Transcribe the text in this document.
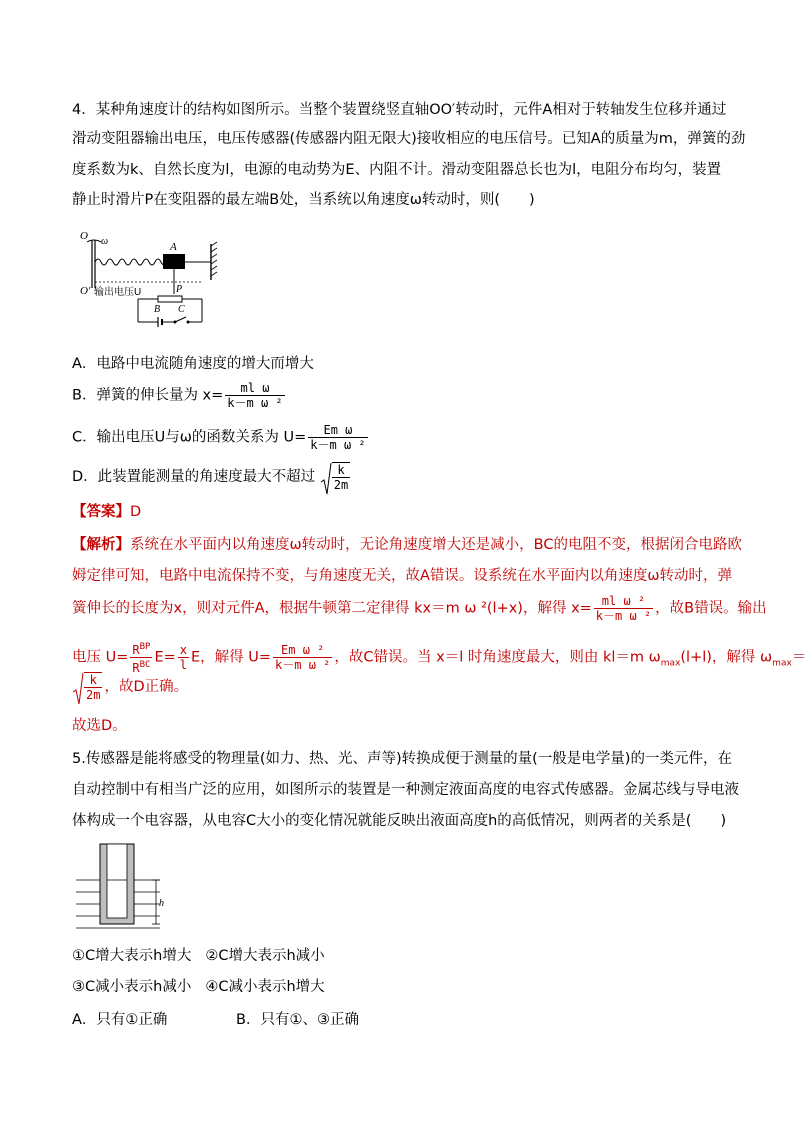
4．某种角速度计的结构如图所示。当整个装置绕竖直轴OO′转动时，元件A相对于转轴发生位移并通过
滑动变阻器输出电压，电压传感器(传感器内阻无限大)接收相应的电压信号。已知A的质量为m，弹簧的劲
度系数为k、自然长度为l，电源的电动势为E、内阻不计。滑动变阻器总长也为l，电阻分布均匀，装置
静止时滑片P在变阻器的最左端B处，当系统以角速度ω转动时，则(　　)
O ω	A
O′ 输出电压U	P
B C
A．电路中电流随角速度的增大而增大
B．弹簧的伸长量为 $x= \frac{\text{ml ω}}{\text{k－m ω ²}}$
C．输出电压U与ω的函数关系为 $U= \frac{\text{Em ω}}{\text{k－m ω ²}}$
D．此装置能测量的角速度最大不超过 $\frac{k}{2m}$
【答案】D
【解析】系统在水平面内以角速度ω转动时，无论角速度增大还是减小，BC的电阻不变，根据闭合电路欧
姆定律可知，电路中电流保持不变，与角速度无关，故A错误。设系统在水平面内以角速度ω转动时，弹
簧伸长的长度为x，则对元件A，根据牛顿第二定律得 kx＝m ω ²(l+x)，解得 $x= \frac{\text{ml ω ²}}{\text{k－m ω ²}}$ ，故B错误。输出
电压 $U= \frac{R^{BP}}{R^{BC}} E= \frac{x}{l}$ E，解得 $U= \frac{\text{Em ω ²}}{\text{k－m ω ²}}$ ，故C错误。当 x＝l 时角速度最大，则由 kl＝m $\omega_{max}(l+l)$，解得 $\omega_{max}=$
$\frac{k}{2m}$ ，故D正确。
故选D。
5.传感器是能将感受的物理量(如力、热、光、声等)转换成便于测量的量(一般是电学量)的一类元件，在
自动控制中有相当广泛的应用，如图所示的装置是一种测定液面高度的电容式传感器。金属芯线与导电液
体构成一个电容器，从电容C大小的变化情况就能反映出液面高度h的高低情况，则两者的关系是(　　)
h
①C增大表示h增大 ②C增大表示h减小
③C减小表示h减小 ④C减小表示h增大
A．只有①正确	B．只有①、③正确
